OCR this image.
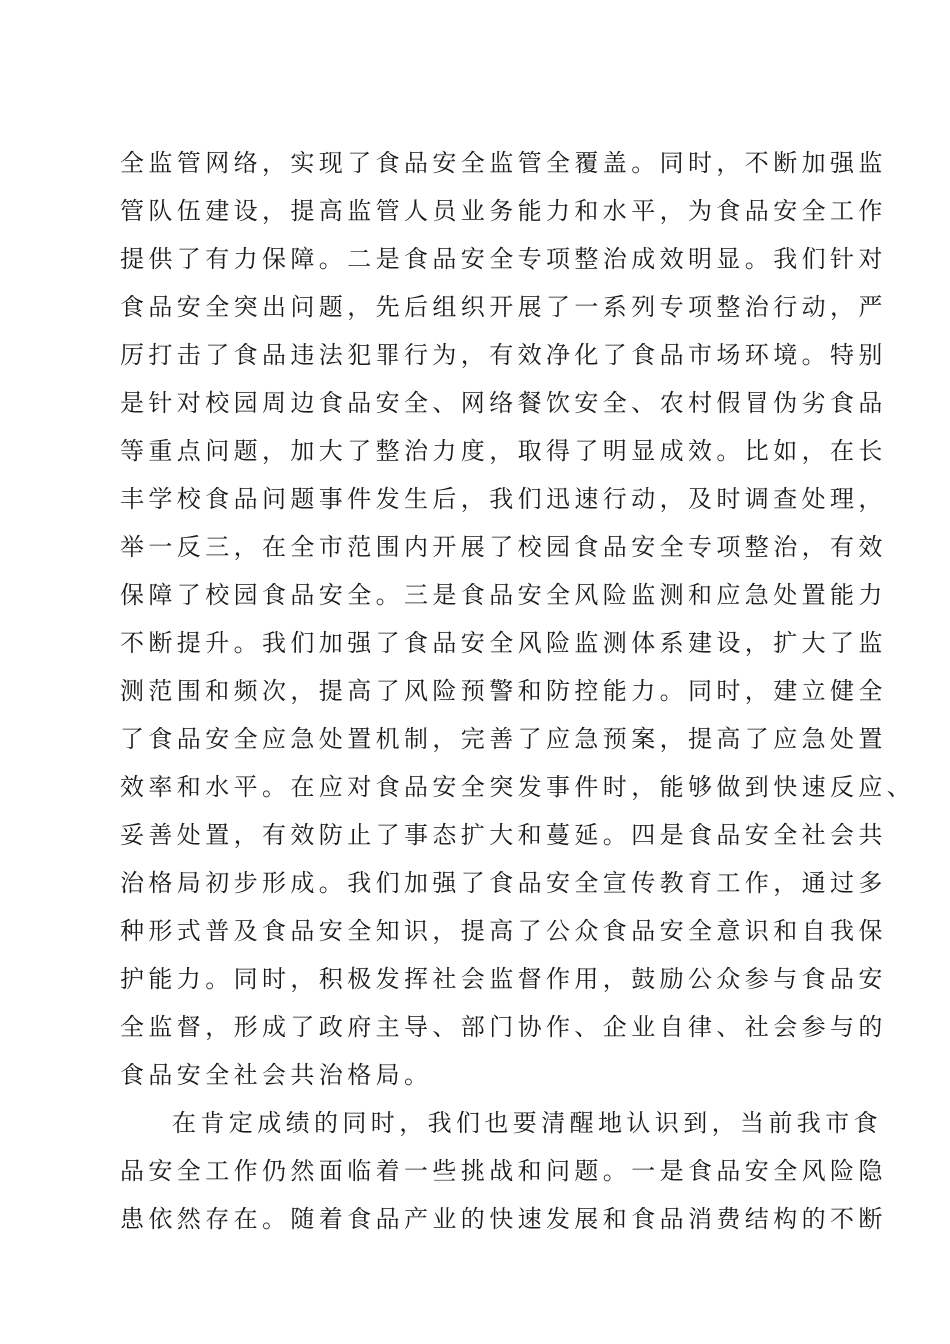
全监管网络，实现了食品安全监管全覆盖。同时，不断加强监
管队伍建设，提高监管人员业务能力和水平，为食品安全工作
提供了有力保障。二是食品安全专项整治成效明显。我们针对
食品安全突出问题，先后组织开展了一系列专项整治行动，严
厉打击了食品违法犯罪行为，有效净化了食品市场环境。特别
是针对校园周边食品安全、网络餐饮安全、农村假冒伪劣食品
等重点问题，加大了整治力度，取得了明显成效。比如，在长
丰学校食品问题事件发生后，我们迅速行动，及时调查处理，
举一反三，在全市范围内开展了校园食品安全专项整治，有效
保障了校园食品安全。三是食品安全风险监测和应急处置能力
不断提升。我们加强了食品安全风险监测体系建设，扩大了监
测范围和频次，提高了风险预警和防控能力。同时，建立健全
了食品安全应急处置机制，完善了应急预案，提高了应急处置
效率和水平。在应对食品安全突发事件时，能够做到快速反应、
妥善处置，有效防止了事态扩大和蔓延。四是食品安全社会共
治格局初步形成。我们加强了食品安全宣传教育工作，通过多
种形式普及食品安全知识，提高了公众食品安全意识和自我保
护能力。同时，积极发挥社会监督作用，鼓励公众参与食品安
全监督，形成了政府主导、部门协作、企业自律、社会参与的
食品安全社会共治格局。
在肯定成绩的同时，我们也要清醒地认识到，当前我市食
品安全工作仍然面临着一些挑战和问题。一是食品安全风险隐
患依然存在。随着食品产业的快速发展和食品消费结构的不断
